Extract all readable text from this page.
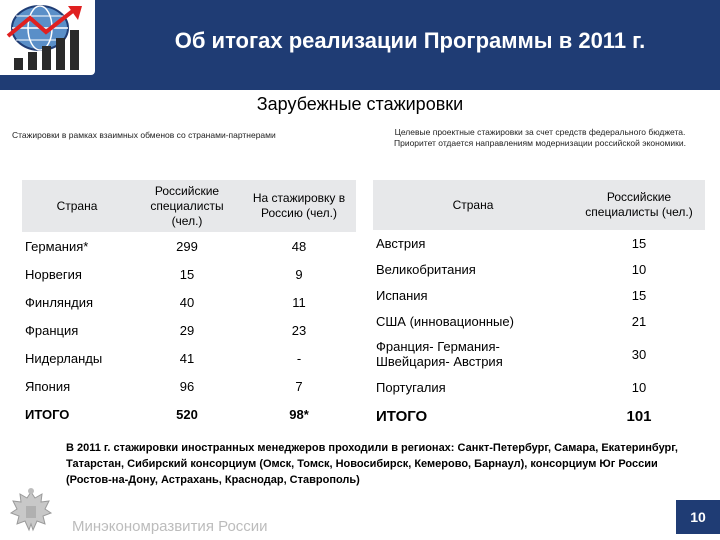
Об итогах реализации Программы в 2011 г.
Зарубежные стажировки
Стажировки в рамках взаимных обменов со странами-партнерами	Целевые проектные стажировки за счет средств федерального бюджета.
Приоритет отдается направлениям модернизации российской экономики.
Страна	Российские специалисты (чел.)	На стажировку в Россию (чел.)
Германия*	299	48
Норвегия	15	9
Финляндия	40	11
Франция	29	23
Нидерланды	41	-
Япония	96	7
ИТОГО	520	98*
Страна	Российские специалисты (чел.)
Австрия	15
Великобритания	10
Испания	15
США (инновационные)	21
Франция- Германия- Швейцария- Австрия	30
Португалия	10
ИТОГО	101
В 2011 г. стажировки иностранных менеджеров проходили в регионах: Санкт-Петербург, Самара, Екатеринбург, Татарстан, Сибирский консорциум (Омск, Томск, Новосибирск, Кемерово, Барнаул), консорциум Юг России (Ростов-на-Дону, Астрахань, Краснодар, Ставрополь)
Минэкономразвития России
10
